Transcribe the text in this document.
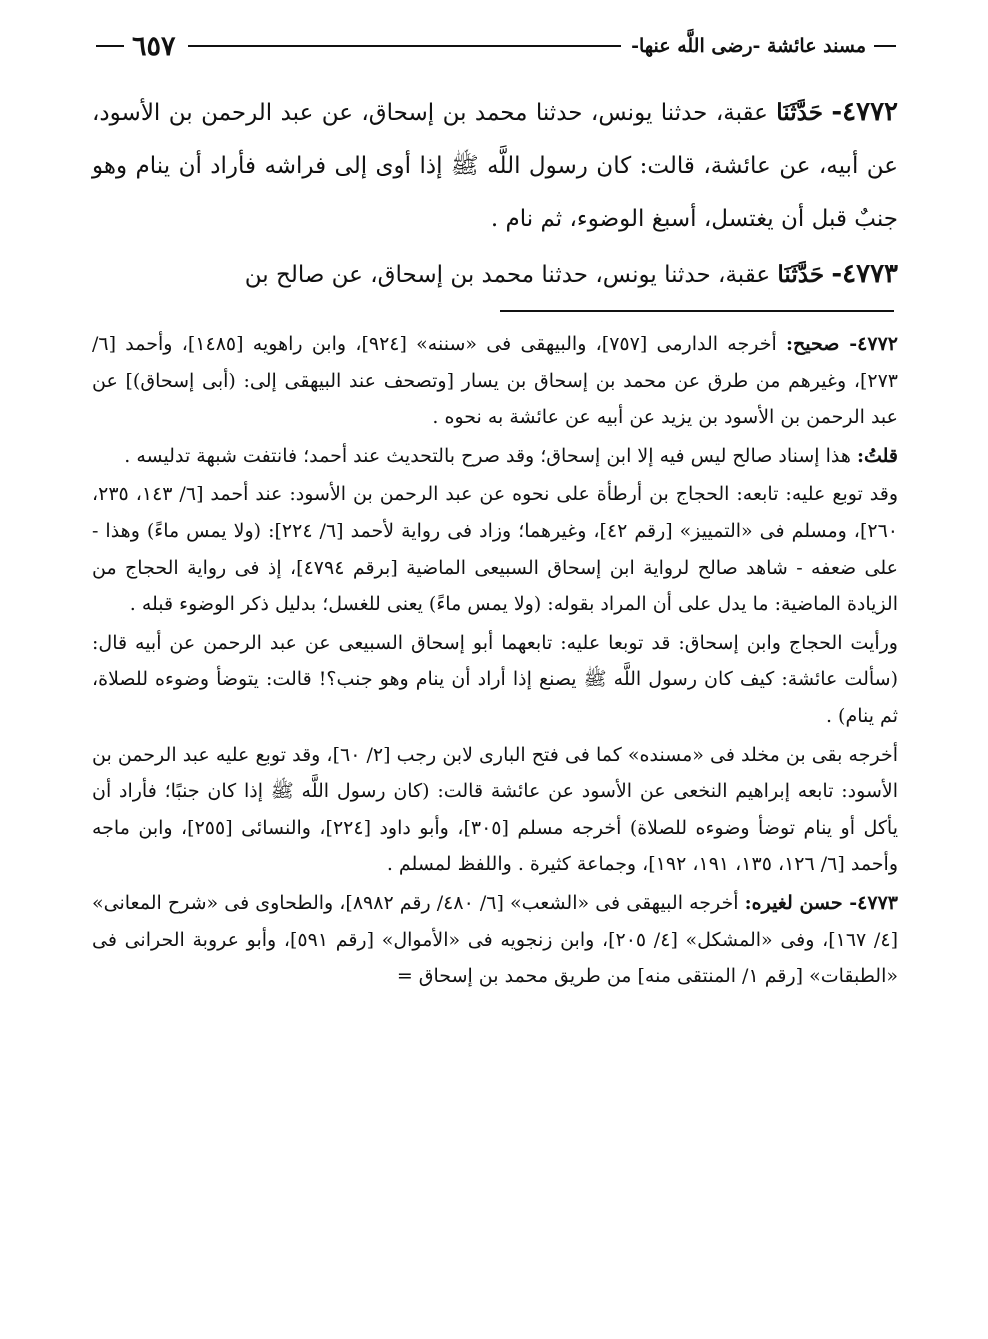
مسند عائشة -رضى اللَّه عنها-
٦٥٧

٤٧٧٢- حَدَّثَنَا عقبة، حدثنا يونس، حدثنا محمد بن إسحاق، عن عبد الرحمن بن الأسود، عن أبيه، عن عائشة، قالت: كان رسول اللَّه ﷺ إذا أوى إلى فراشه فأراد أن ينام وهو جنبٌ قبل أن يغتسل، أسبغ الوضوء، ثم نام .

٤٧٧٣- حَدَّثَنَا عقبة، حدثنا يونس، حدثنا محمد بن إسحاق، عن صالح بن

٤٧٧٢- صحيح: أخرجه الدارمى [٧٥٧]، والبيهقى فى «سننه» [٩٢٤]، وابن راهويه [١٤٨٥]، وأحمد [٦/ ٢٧٣]، وغيرهم من طرق عن محمد بن إسحاق بن يسار [وتصحف عند البيهقى إلى: (أبى إسحاق)] عن عبد الرحمن بن الأسود بن يزيد عن أبيه عن عائشة به نحوه .

قلتُ: هذا إسناد صالح ليس فيه إلا ابن إسحاق؛ وقد صرح بالتحديث عند أحمد؛ فانتفت شبهة تدليسه .

وقد توبع عليه: تابعه: الحجاج بن أرطأة على نحوه عن عبد الرحمن بن الأسود: عند أحمد [٦/ ١٤٣، ٢٣٥، ٢٦٠]، ومسلم فى «التمييز» [رقم ٤٢]، وغيرهما؛ وزاد فى رواية لأحمد [٦/ ٢٢٤]: (ولا يمس ماءً) وهذا - على ضعفه - شاهد صالح لرواية ابن إسحاق السبيعى الماضية [برقم ٤٧٩٤]، إذ فى رواية الحجاج من الزيادة الماضية: ما يدل على أن المراد بقوله: (ولا يمس ماءً) يعنى للغسل؛ بدليل ذكر الوضوء قبله .

ورأيت الحجاج وابن إسحاق: قد توبعا عليه: تابعهما أبو إسحاق السبيعى عن عبد الرحمن عن أبيه قال: (سألت عائشة: كيف كان رسول اللَّه ﷺ يصنع إذا أراد أن ينام وهو جنب؟! قالت: يتوضأ وضوءه للصلاة، ثم ينام) .

أخرجه بقى بن مخلد فى «مسنده» كما فى فتح البارى لابن رجب [٢/ ٦٠]، وقد توبع عليه عبد الرحمن بن الأسود: تابعه إبراهيم النخعى عن الأسود عن عائشة قالت: (كان رسول اللَّه ﷺ إذا كان جنبًا؛ فأراد أن يأكل أو ينام توضأ وضوءه للصلاة) أخرجه مسلم [٣٠٥]، وأبو داود [٢٢٤]، والنسائى [٢٥٥]، وابن ماجه وأحمد [٦/ ١٢٦، ١٣٥، ١٩١، ١٩٢]، وجماعة كثيرة . واللفظ لمسلم .

٤٧٧٣- حسن لغيره: أخرجه البيهقى فى «الشعب» [٦/ ٤٨٠/ رقم ٨٩٨٢]، والطحاوى فى «شرح المعانى» [٤/ ١٦٧]، وفى «المشكل» [٤/ ٢٠٥]، وابن زنجويه فى «الأموال» [رقم ٥٩١]، وأبو عروبة الحرانى فى «الطبقات» [رقم ١/ المنتقى منه] من طريق محمد بن إسحاق =
